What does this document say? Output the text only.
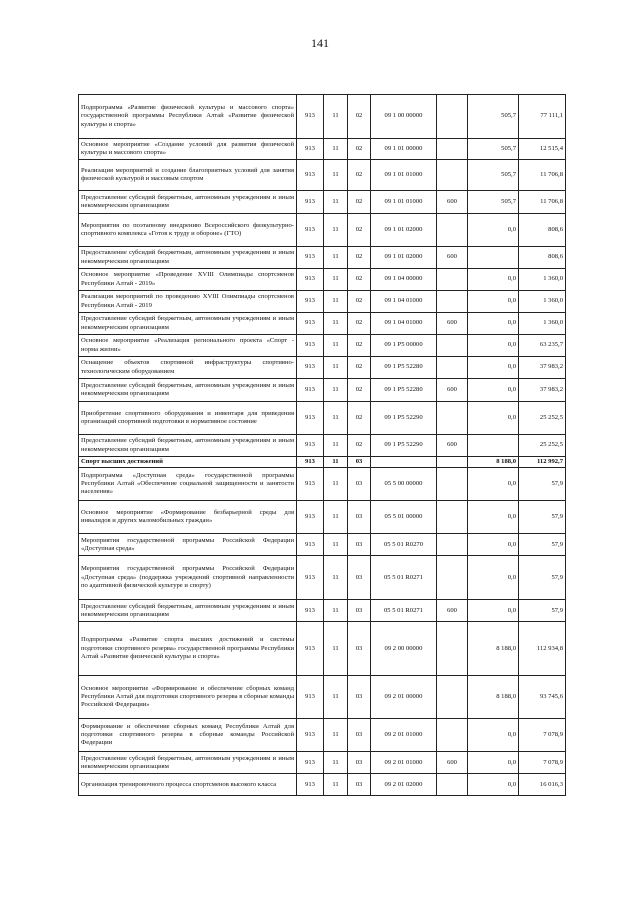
141
Подпрограмма «Развитие физической культуры и массового спорта» государственной программы Республики Алтай «Развитие физической культуры и спорта»	913	11	02	09 1 00 00000		505,7	77 111,1
Основное мероприятие «Создание условий для развития физической культуры и массового спорта»	913	11	02	09 1 01 00000		505,7	12 515,4
Реализация мероприятий и создание благоприятных условий для занятия физической культурой и массовым спортом	913	11	02	09 1 01 01000		505,7	11 706,8
Предоставление субсидий бюджетным, автономным учреждениям и иным некоммерческим организациям	913	11	02	09 1 01 01000	600	505,7	11 706,8
Мероприятия по поэтапному внедрению Всероссийского физкультурно-спортивного комплекса «Готов к труду и обороне» (ГТО)	913	11	02	09 1 01 02000		0,0	808,6
Предоставление субсидий бюджетным, автономным учреждениям и иным некоммерческим организациям	913	11	02	09 1 01 02000	600		808,6
Основное мероприятие «Проведение XVIII Олимпиады спортсменов Республики Алтай - 2019»	913	11	02	09 1 04 00000		0,0	1 360,0
Реализация мероприятий по проведению XVIII Олимпиады спортсменов Республики Алтай - 2019	913	11	02	09 1 04 01000		0,0	1 360,0
Предоставление субсидий бюджетным, автономным учреждениям и иным некоммерческим организациям	913	11	02	09 1 04 01000	600	0,0	1 360,0
Основное мероприятие «Реализация регионального проекта «Спорт - норма жизни»	913	11	02	09 1 P5 00000		0,0	63 235,7
Оснащение объектов спортивной инфраструктуры спортивно-технологическим оборудованием	913	11	02	09 1 P5 52280		0,0	37 983,2
Предоставление субсидий бюджетным, автономным учреждениям и иным некоммерческим организациям	913	11	02	09 1 P5 52280	600	0,0	37 983,2
Приобретение спортивного оборудования и инвентаря для приведения организаций спортивной подготовки в нормативное состояние	913	11	02	09 1 P5 52290		0,0	25 252,5
Предоставление субсидий бюджетным, автономным учреждениям и иным некоммерческим организациям	913	11	02	09 1 P5 52290	600		25 252,5
Спорт высших достижений	913	11	03			8 188,0	112 992,7
Подпрограмма «Доступная среда» государственной программы Республики Алтай «Обеспечение социальной защищенности и занятости населения»	913	11	03	05 5 00 00000		0,0	57,9
Основное мероприятие «Формирование безбарьерной среды для инвалидов и других маломобильных граждан»	913	11	03	05 5 01 00000		0,0	57,9
Мероприятия государственной программы Российской Федерации «Доступная среда»	913	11	03	05 5 01 R0270		0,0	57,9
Мероприятия государственной программы Российской Федерации «Доступная среда» (поддержка учреждений спортивной направленности по адаптивной физической культуре и спорту)	913	11	03	05 5 01 R0271		0,0	57,9
Предоставление субсидий бюджетным, автономным учреждениям и иным некоммерческим организациям	913	11	03	05 5 01 R0271	600	0,0	57,9
Подпрограмма «Развитие спорта высших достижений и системы подготовки спортивного резерва» государственной программы Республики Алтай «Развитие физической культуры и спорта»	913	11	03	09 2 00 00000		8 188,0	112 934,8
Основное мероприятие «Формирование и обеспечение сборных команд Республики Алтай для подготовки спортивного резерва в сборные команды Российской Федерации»	913	11	03	09 2 01 00000		8 188,0	93 745,6
Формирование и обеспечение сборных команд Республики Алтай для подготовки спортивного резерва в сборные команды Российской Федерации	913	11	03	09 2 01 01000		0,0	7 078,9
Предоставление субсидий бюджетным, автономным учреждениям и иным некоммерческим организациям	913	11	03	09 2 01 01000	600	0,0	7 078,9
Организация тренировочного процесса спортсменов высокого класса	913	11	03	09 2 01 02000		0,0	16 016,3
